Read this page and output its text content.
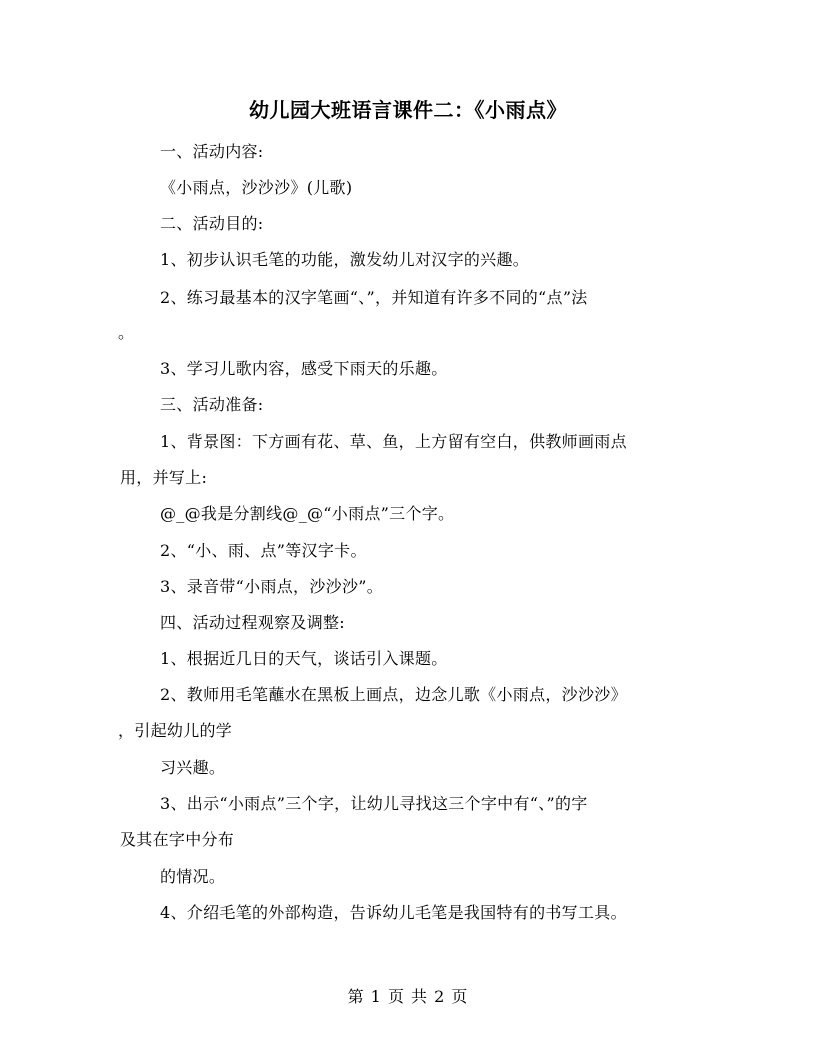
幼儿园大班语言课件二：《小雨点》
一、活动内容:
《小雨点，沙沙沙》(儿歌)
二、活动目的:
1、初步认识毛笔的功能，激发幼儿对汉字的兴趣。
2、练习最基本的汉字笔画“、”，并知道有许多不同的“点”法
。
3、学习儿歌内容，感受下雨天的乐趣。
三、活动准备:
1、背景图：下方画有花、草、鱼，上方留有空白，供教师画雨点
用，并写上:
@_@我是分割线@_@“小雨点”三个字。
2、“小、雨、点”等汉字卡。
3、录音带“小雨点，沙沙沙”。
四、活动过程观察及调整:
1、根据近几日的天气，谈话引入课题。
2、教师用毛笔蘸水在黑板上画点，边念儿歌《小雨点，沙沙沙》
，引起幼儿的学
习兴趣。
3、出示“小雨点”三个字，让幼儿寻找这三个字中有“、”的字
及其在字中分布
的情况。
4、介绍毛笔的外部构造，告诉幼儿毛笔是我国特有的书写工具。
第 1 页 共 2 页
